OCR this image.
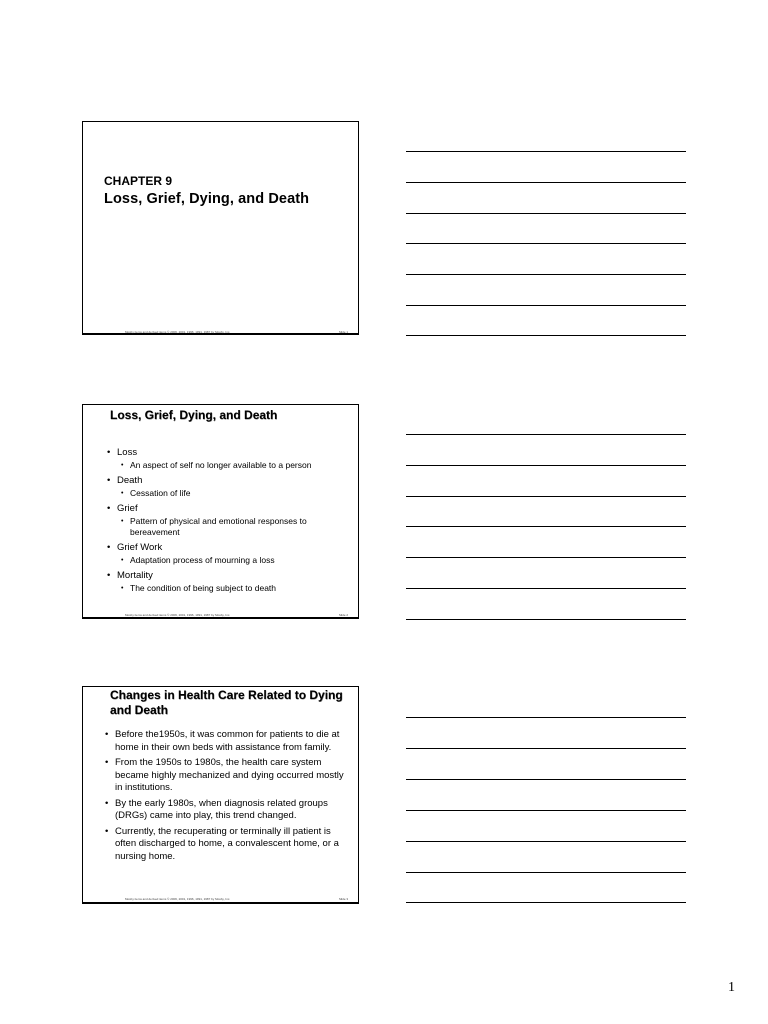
CHAPTER 9
Loss, Grief, Dying, and Death
Mosby items and derived items © 2006, 2001, 1996, 1991, 1987 by Mosby, Inc.	Slide 1
Loss, Grief, Dying, and Death
• Loss
• An aspect of self no longer available to a person
• Death
• Cessation of life
• Grief
• Pattern of physical and emotional responses to bereavement
• Grief Work
• Adaptation process of mourning a loss
• Mortality
• The condition of being subject to death
Mosby items and derived items © 2006, 2001, 1996, 1991, 1987 by Mosby, Inc.	Slide 2
Changes in Health Care Related to Dying and Death
• Before the1950s, it was common for patients to die at home in their own beds with assistance from family.
• From the 1950s to 1980s, the health care system became highly mechanized and dying occurred mostly in institutions.
• By the early 1980s, when diagnosis related groups (DRGs) came into play, this trend changed.
• Currently, the recuperating or terminally ill patient is often discharged to home, a convalescent home, or a nursing home.
Mosby items and derived items © 2006, 2001, 1996, 1991, 1987 by Mosby, Inc.	Slide 3
1
